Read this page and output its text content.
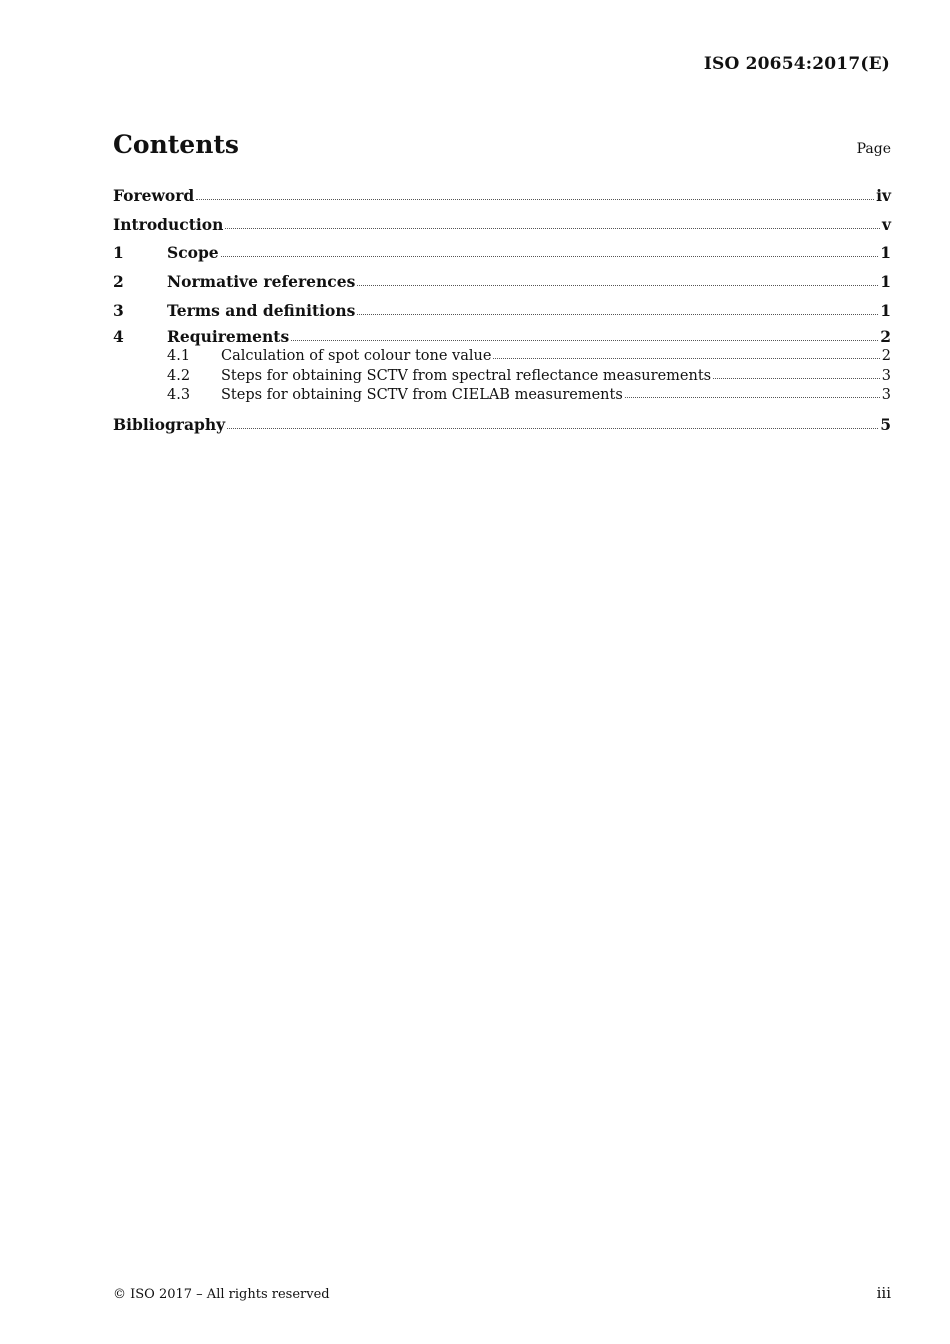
ISO 20654:2017(E)
Contents	Page
Foreword	iv
Introduction	v
1	Scope	1
2	Normative references	1
3	Terms and definitions	1
4	Requirements	2
4.1	Calculation of spot colour tone value	2
4.2	Steps for obtaining SCTV from spectral reflectance measurements	3
4.3	Steps for obtaining SCTV from CIELAB measurements	3
Bibliography	5
© ISO 2017 – All rights reserved	iii
